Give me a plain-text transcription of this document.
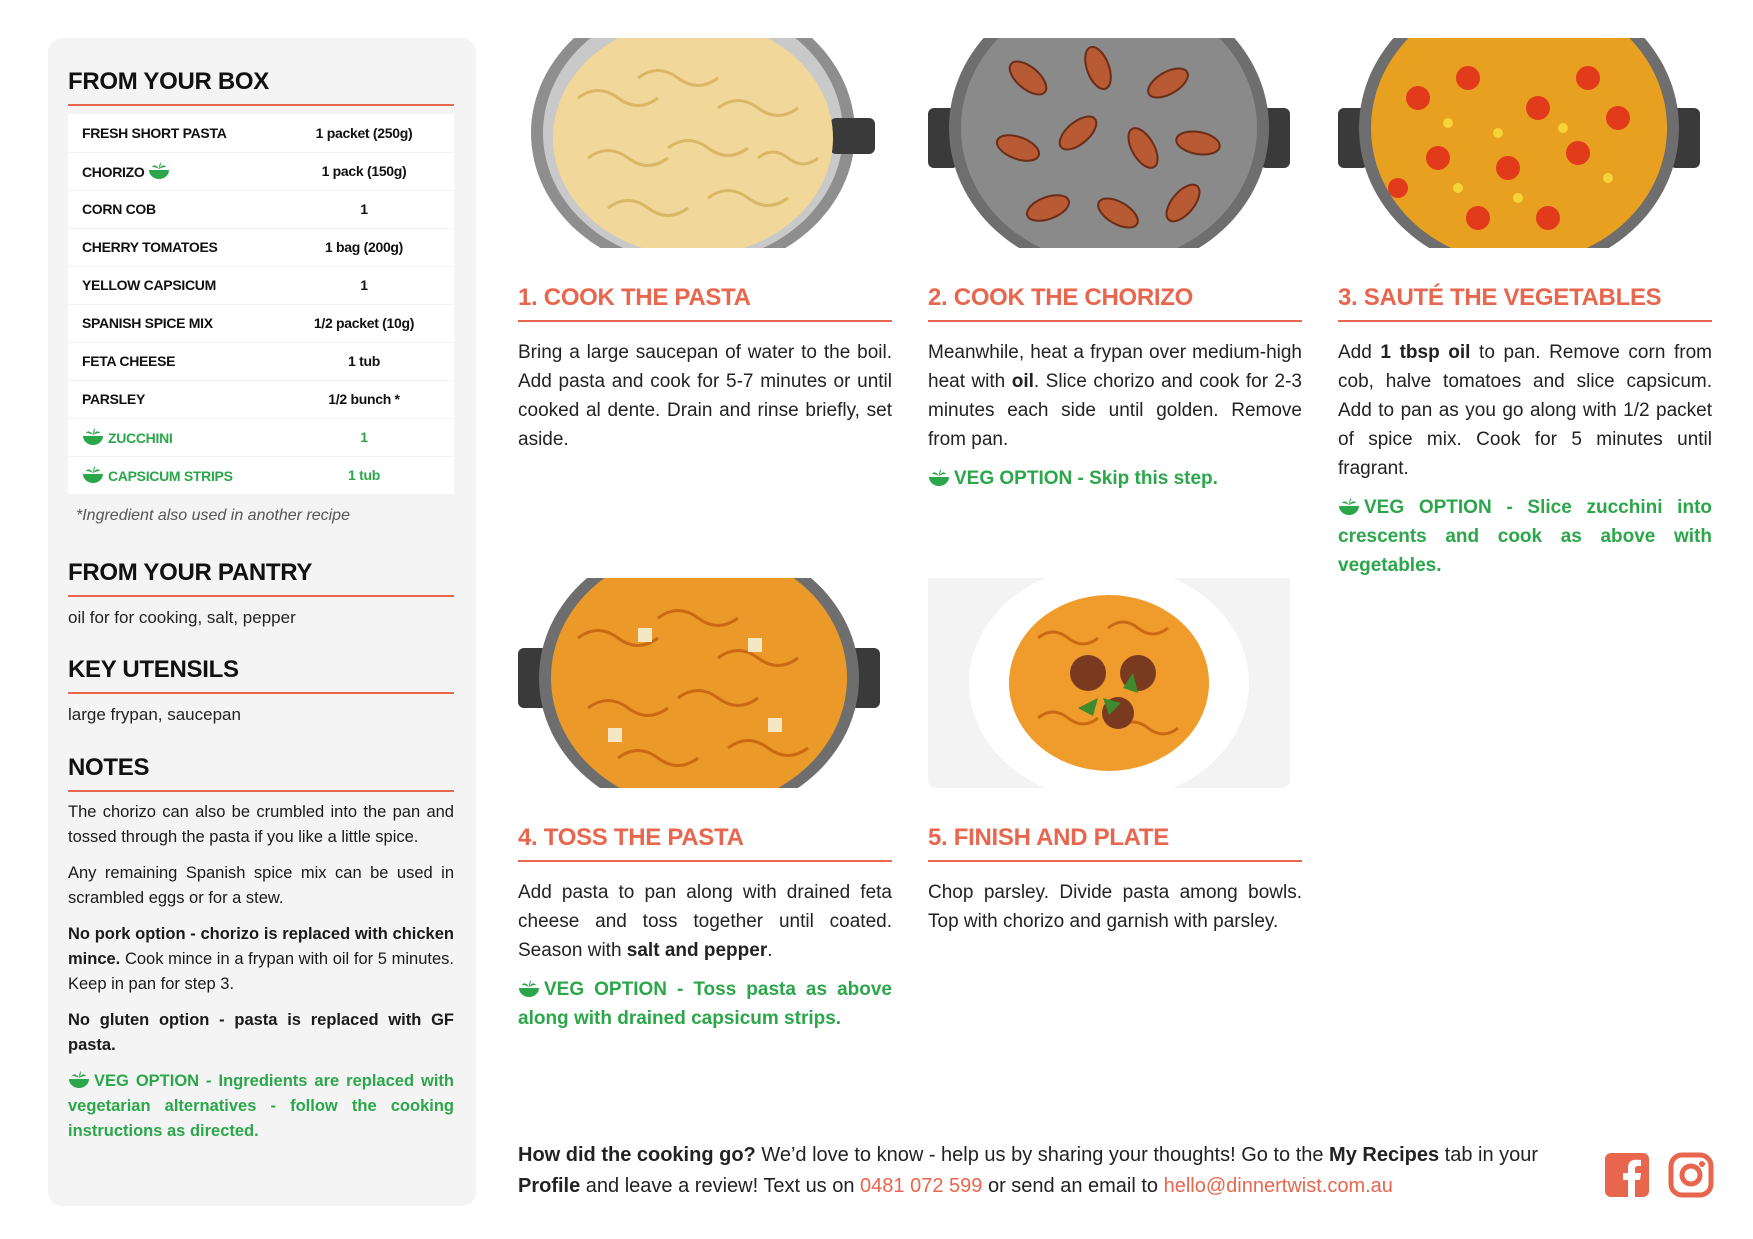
FROM YOUR BOX
FRESH SHORT PASTA	1 packet (250g)
CHORIZO	1 pack (150g)
CORN COB	1
CHERRY TOMATOES	1 bag (200g)
YELLOW CAPSICUM	1
SPANISH SPICE MIX	1/2 packet (10g)
FETA CHEESE	1 tub
PARSLEY	1/2 bunch *

ZUCCHINI	1

CAPSICUM STRIPS	1 tub
*Ingredient also used in another recipe
FROM YOUR PANTRY
oil for for cooking, salt, pepper
KEY UTENSILS
large frypan, saucepan
NOTES

The chorizo can also be crumbled into the pan and tossed through the pasta if you like a little spice.

Any remaining Spanish spice mix can be used in scrambled eggs or for a stew.

No pork option - chorizo is replaced with chicken mince. Cook mince in a frypan with oil for 5 minutes. Keep in pan for step 3.

No gluten option - pasta is replaced with GF pasta.

VEG OPTION - Ingredients are replaced with vegetarian alternatives - follow the cooking instructions as directed.

1. COOK THE PASTA
Bring a large saucepan of water to the boil. Add pasta and cook for 5-7 minutes or until cooked al dente. Drain and rinse briefly, set aside.
2. COOK THE CHORIZO
Meanwhile, heat a frypan over medium-high heat with oil. Slice chorizo and cook for 2-3 minutes each side until golden. Remove from pan.
VEG OPTION - Skip this step.
3. SAUTÉ THE VEGETABLES
Add 1 tbsp oil to pan. Remove corn from cob, halve tomatoes and slice capsicum. Add to pan as you go along with 1/2 packet of spice mix. Cook for 5 minutes until fragrant.
VEG OPTION - Slice zucchini into crescents and cook as above with vegetables.
4. TOSS THE PASTA
Add pasta to pan along with drained feta cheese and toss together until coated. Season with salt and pepper.
VEG OPTION - Toss pasta as above along with drained capsicum strips.
5. FINISH AND PLATE
Chop parsley. Divide pasta among bowls. Top with chorizo and garnish with parsley.
How did the cooking go? We’d love to know - help us by sharing your thoughts! Go to the My Recipes tab in your Profile and leave a review! Text us on 0481 072 599 or send an email to hello@dinnertwist.com.au
